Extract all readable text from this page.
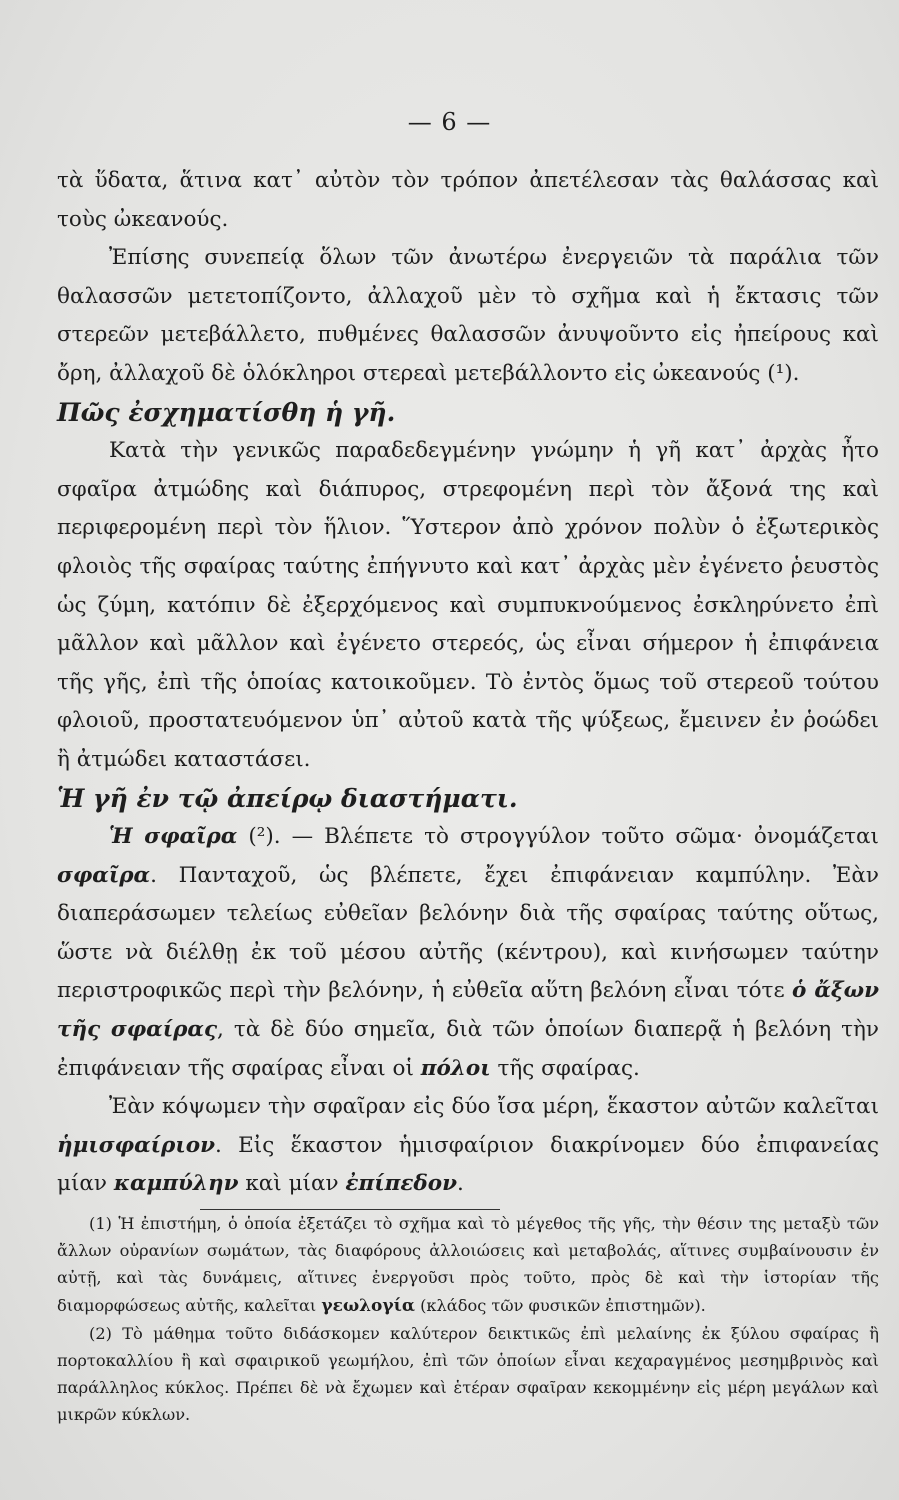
— 6 —

τὰ ὕδατα, ἅτινα κατ᾽ αὐτὸν τὸν τρόπον ἀπετέλεσαν τὰς θαλάσσας καὶ τοὺς ὠκεανούς.

Ἐπίσης συνεπείᾳ ὅλων τῶν ἀνωτέρω ἐνεργειῶν τὰ παράλια τῶν θαλασσῶν μετετοπίζοντο, ἀλλαχοῦ μὲν τὸ σχῆμα καὶ ἡ ἔκτασις τῶν στερεῶν μετεβάλλετο, πυθμένες θαλασσῶν ἀνυψοῦντο εἰς ἠπείρους καὶ ὄρη, ἀλλαχοῦ δὲ ὁλόκληροι στερεαὶ μετεβάλλοντο εἰς ὠκεανούς (¹).

Πῶς ἐσχηματίσθη ἡ γῆ.

Κατὰ τὴν γενικῶς παραδεδεγμένην γνώμην ἡ γῆ κατ᾽ ἀρχὰς ἦτο σφαῖρα ἀτμώδης καὶ διάπυρος, στρεφομένη περὶ τὸν ἄξονά της καὶ περιφερομένη περὶ τὸν ἥλιον. Ὕστερον ἀπὸ χρόνον πολὺν ὁ ἐξωτερικὸς φλοιὸς τῆς σφαίρας ταύτης ἐπήγνυτο καὶ κατ᾽ ἀρχὰς μὲν ἐγένετο ῥευστὸς ὡς ζύμη, κατόπιν δὲ ἐξερχόμενος καὶ συμπυκνούμενος ἐσκληρύνετο ἐπὶ μᾶλλον καὶ μᾶλλον καὶ ἐγένετο στερεός, ὡς εἶναι σήμερον ἡ ἐπιφάνεια τῆς γῆς, ἐπὶ τῆς ὁποίας κατοικοῦμεν. Τὸ ἐντὸς ὅμως τοῦ στερεοῦ τούτου φλοιοῦ, προστατευόμενον ὑπ᾽ αὐτοῦ κατὰ τῆς ψύξεως, ἔμεινεν ἐν ῥοώδει ἢ ἀτμώδει καταστάσει.

Ἡ γῆ ἐν τῷ ἀπείρῳ διαστήματι.

Ἡ σφαῖρα (²). — Βλέπετε τὸ στρογγύλον τοῦτο σῶμα· ὀνομάζεται σφαῖρα. Πανταχοῦ, ὡς βλέπετε, ἔχει ἐπιφάνειαν καμπύλην. Ἐὰν διαπεράσωμεν τελείως εὐθεῖαν βελόνην διὰ τῆς σφαίρας ταύτης οὕτως, ὥστε νὰ διέλθῃ ἐκ τοῦ μέσου αὐτῆς (κέντρου), καὶ κινήσωμεν ταύτην περιστροφικῶς περὶ τὴν βελόνην, ἡ εὐθεῖα αὕτη βελόνη εἶναι τότε ὁ ἄξων τῆς σφαίρας, τὰ δὲ δύο σημεῖα, διὰ τῶν ὁποίων διαπερᾷ ἡ βελόνη τὴν ἐπιφάνειαν τῆς σφαίρας εἶναι οἱ πόλοι τῆς σφαίρας.

Ἐὰν κόψωμεν τὴν σφαῖραν εἰς δύο ἴσα μέρη, ἕκαστον αὐτῶν καλεῖται ἡμισφαίριον. Εἰς ἕκαστον ἡμισφαίριον διακρίνομεν δύο ἐπιφανείας μίαν καμπύλην καὶ μίαν ἐπίπεδον.

(1) Ἡ ἐπιστήμη, ὁ ὁποία ἐξετάζει τὸ σχῆμα καὶ τὸ μέγεθος τῆς γῆς, τὴν θέσιν της μεταξὺ τῶν ἄλλων οὐρανίων σωμάτων, τὰς διαφόρους ἀλλοιώσεις καὶ μεταβολάς, αἵτινες συμβαίνουσιν ἐν αὐτῇ, καὶ τὰς δυνάμεις, αἵτινες ἐνεργοῦσι πρὸς τοῦτο, πρὸς δὲ καὶ τὴν ἱστορίαν τῆς διαμορφώσεως αὐτῆς, καλεῖται γεωλογία (κλάδος τῶν φυσικῶν ἐπιστημῶν).

(2) Τὸ μάθημα τοῦτο διδάσκομεν καλύτερον δεικτικῶς ἐπὶ μελαίνης ἐκ ξύλου σφαίρας ἢ πορτοκαλλίου ἢ καὶ σφαιρικοῦ γεωμήλου, ἐπὶ τῶν ὁποίων εἶναι κεχαραγμένος μεσημβρινὸς καὶ παράλληλος κύκλος. Πρέπει δὲ νὰ ἔχωμεν καὶ ἑτέραν σφαῖραν κεκομμένην εἰς μέρη μεγάλων καὶ μικρῶν κύκλων.
